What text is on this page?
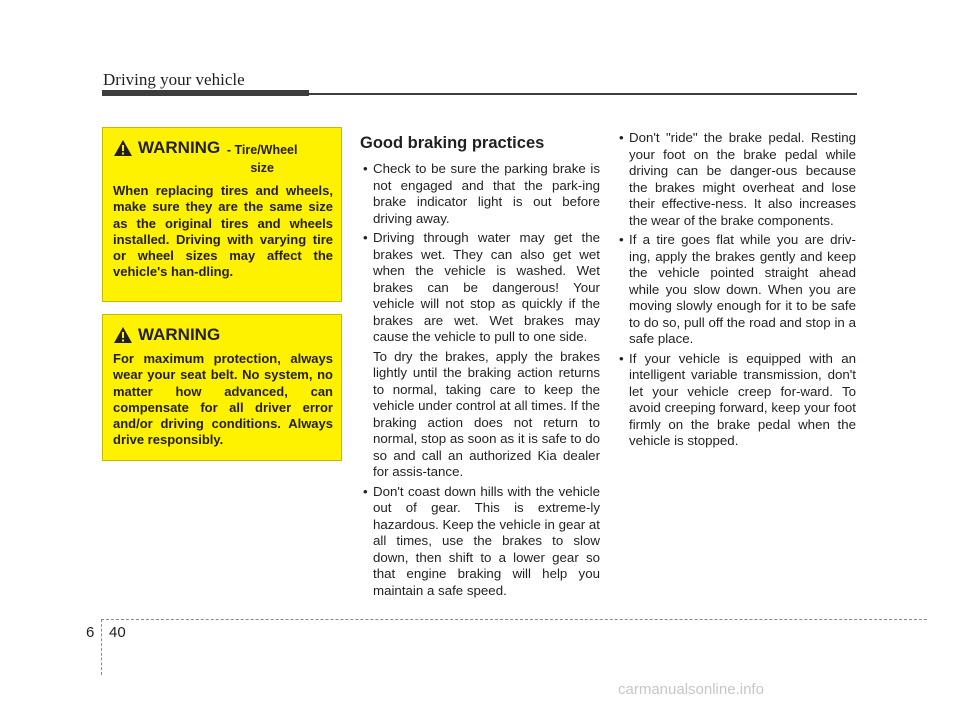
Driving your vehicle
WARNING - Tire/Wheel size
When replacing tires and wheels, make sure they are the same size as the original tires and wheels installed. Driving with varying tire or wheel sizes may affect the vehicle's han-dling.
WARNING
For maximum protection, always wear your seat belt. No system, no matter how advanced, can compensate for all driver error and/or driving conditions. Always drive responsibly.
Good braking practices
• Check to be sure the parking brake is not engaged and that the park-ing brake indicator light is out before driving away.
• Driving through water may get the brakes wet. They can also get wet when the vehicle is washed. Wet brakes can be dangerous! Your vehicle will not stop as quickly if the brakes are wet. Wet brakes may cause the vehicle to pull to one side.
To dry the brakes, apply the brakes lightly until the braking action returns to normal, taking care to keep the vehicle under control at all times. If the braking action does not return to normal, stop as soon as it is safe to do so and call an authorized Kia dealer for assis-tance.
• Don't coast down hills with the vehicle out of gear. This is extreme-ly hazardous. Keep the vehicle in gear at all times, use the brakes to slow down, then shift to a lower gear so that engine braking will help you maintain a safe speed.
• Don't "ride" the brake pedal. Resting your foot on the brake pedal while driving can be danger-ous because the brakes might overheat and lose their effective-ness. It also increases the wear of the brake components.
• If a tire goes flat while you are driv-ing, apply the brakes gently and keep the vehicle pointed straight ahead while you slow down. When you are moving slowly enough for it to be safe to do so, pull off the road and stop in a safe place.
• If your vehicle is equipped with an intelligent variable transmission, don't let your vehicle creep for-ward. To avoid creeping forward, keep your foot firmly on the brake pedal when the vehicle is stopped.
6 40
carmanualsonline.info
